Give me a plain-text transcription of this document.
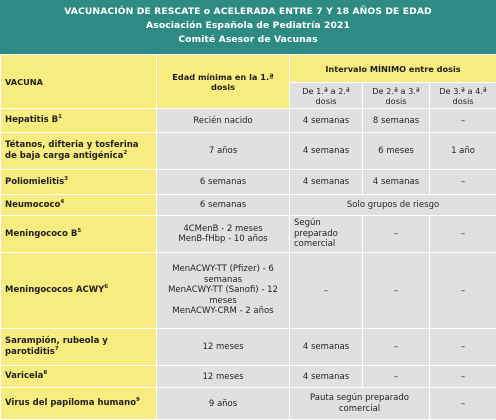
VACUNACIÓN DE RESCATE o ACELERADA ENTRE 7 Y 18 AÑOS DE EDAD
Asociación Española de Pediatría 2021
Comité Asesor de Vacunas
VACUNA	Edad mínima en la 1.ª dosis	Intervalo MÍNIMO entre dosis		
		De 1.ª a 2.ª dosis	De 2.ª a 3.ª dosis	De 3.ª a 4.ª dosis
Hepatitis $B^1$	Recién nacido	4 semanas	8 semanas	–
Tétanos, difteria y tosferina de baja carga antigénica$^2$	7 años	4 semanas	6 meses	1 año
Poliomielitis$^3$	6 semanas	4 semanas	4 semanas	–
Neumococo$^4$	6 semanas	Solo grupos de riesgo		
Meningococo $B^5$	4CMenB - 2 meses
MenB-fHbp - 10 años	Según preparado comercial	–	–
Meningococos ACWY$^6$	MenACWY-TT (Pfizer) - 6 semanas
MenACWY-TT (Sanofi) - 12 meses
MenACWY-CRM - 2 años	–	–	–
Sarampión, rubeola y parotiditis$^7$	12 meses	4 semanas	–	–
Varicela$^8$	12 meses	4 semanas	–	–
Virus del papiloma humano$^9$	9 años	Pauta según preparado comercial		–
